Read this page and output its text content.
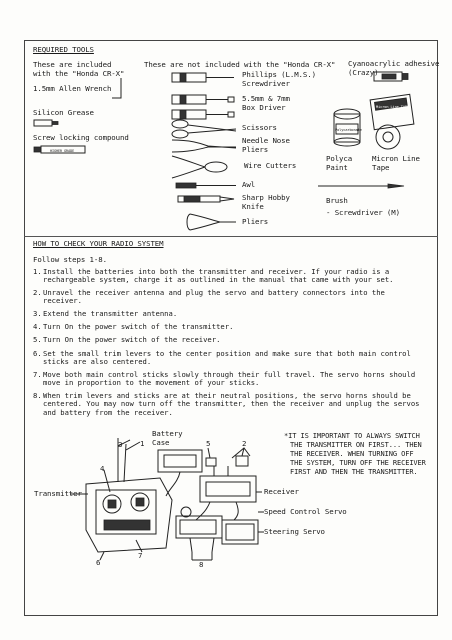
REQUIRED TOOLS
These are included
with the "Honda CR-X"
1.5mm Allen Wrench
Silicon Grease
Screw locking compound
HIGHER GRADE
These are not included with the "Honda CR-X" Cyanoacrylic adhesive
(Crazy)
Phillips (L.M.S.)
Screwdriver
5.5mm & 7mm
Box Driver
Scissors
Needle Nose
Pliers
Wire Cutters
Awl
Sharp Hobby
Knife
Pliers
Polycarbonate
Polyca
Paint
Micron Line TAPE
Micron Line
Tape
Brush
- Screwdriver (M)
HOW TO CHECK YOUR RADIO SYSTEM
Follow steps 1-8.
1. Install the batteries into both the transmitter and receiver. If your radio is a rechargeable system, charge it as outlined in the manual that came with your set.
2. Unravel the receiver antenna and plug the servo and battery connectors into the receiver.
3. Extend the transmitter antenna.
4. Turn On the power switch of the transmitter.
5. Turn On the power switch of the receiver.
6. Set the small trim levers to the center position and make sure that both main control sticks are also centered.
7. Move both main control sticks slowly through their full travel. The servo horns should move in proportion to the movement of your sticks.
8. When trim levers and sticks are at their neutral positions, the servo horns should be centered. You may now turn off the transmitter, then the receiver and unplug the servos and battery from the receiver.
Battery
Case
3 1	5	2
4
Transmitter	Receiver
Speed Control Servo
Steering Servo
6
7
8
*IT IS IMPORTANT TO ALWAYS SWITCH
THE TRANSMITTER ON FIRST... THEN
THE RECEIVER. WHEN TURNING OFF
THE SYSTEM, TURN OFF THE RECEIVER
FIRST AND THEN THE TRANSMITTER.
